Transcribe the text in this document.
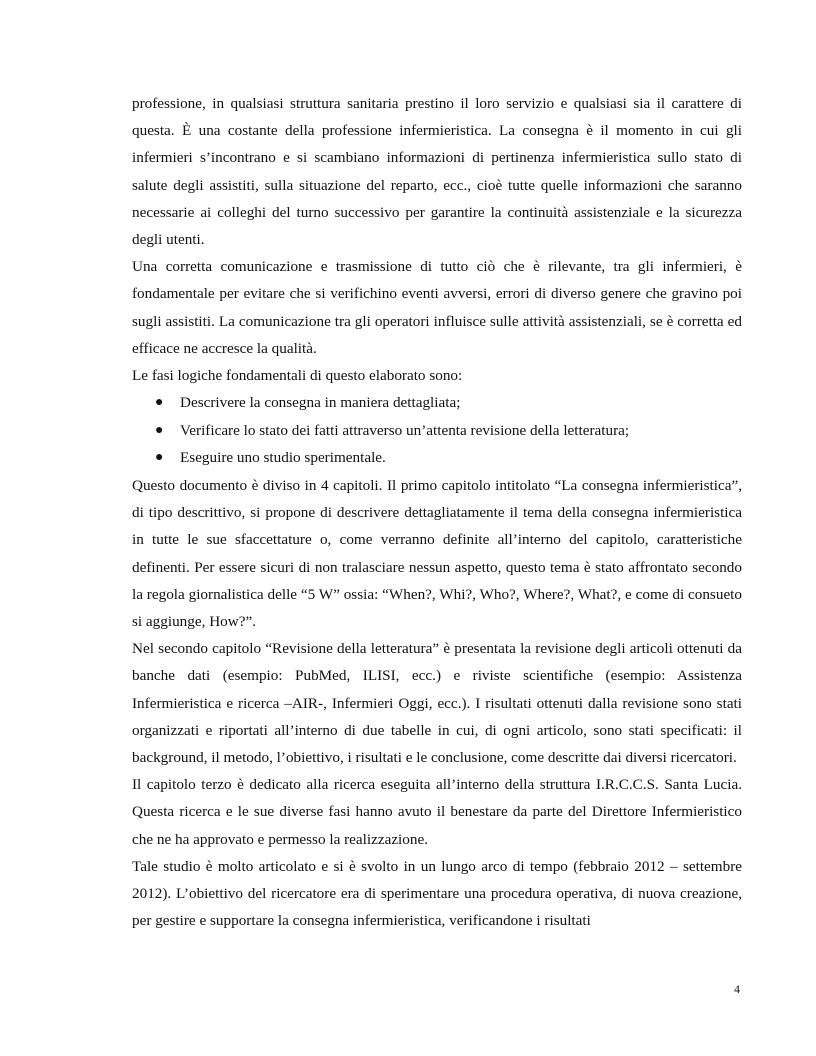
professione, in qualsiasi struttura sanitaria prestino il loro servizio e qualsiasi sia il carattere di questa. È una costante della professione infermieristica. La consegna è il momento in cui gli infermieri s’incontrano e si scambiano informazioni di pertinenza infermieristica sullo stato di salute degli assistiti, sulla situazione del reparto, ecc., cioè tutte quelle informazioni che saranno necessarie ai colleghi del turno successivo per garantire la continuità assistenziale e la sicurezza degli utenti.

Una corretta comunicazione e trasmissione di tutto ciò che è rilevante, tra gli infermieri, è fondamentale per evitare che si verifichino eventi avversi, errori di diverso genere che gravino poi sugli assistiti. La comunicazione tra gli operatori influisce sulle attività assistenziali, se è corretta ed efficace ne accresce la qualità.

Le fasi logiche fondamentali di questo elaborato sono:

● Descrivere la consegna in maniera dettagliata;
● Verificare lo stato dei fatti attraverso un’attenta revisione della letteratura;
● Eseguire uno studio sperimentale.

Questo documento è diviso in 4 capitoli. Il primo capitolo intitolato “La consegna infermieristica”, di tipo descrittivo, si propone di descrivere dettagliatamente il tema della consegna infermieristica in tutte le sue sfaccettature o, come verranno definite all’interno del capitolo, caratteristiche definenti. Per essere sicuri di non tralasciare nessun aspetto, questo tema è stato affrontato secondo la regola giornalistica delle “5 W” ossia: “When?, Whi?, Who?, Where?, What?, e come di consueto si aggiunge, How?”.

Nel secondo capitolo “Revisione della letteratura” è presentata la revisione degli articoli ottenuti da banche dati (esempio: PubMed, ILISI, ecc.) e riviste scientifiche (esempio: Assistenza Infermieristica e ricerca –AIR-, Infermieri Oggi, ecc.). I risultati ottenuti dalla revisione sono stati organizzati e riportati all’interno di due tabelle in cui, di ogni articolo, sono stati specificati: il background, il metodo, l’obiettivo, i risultati e le conclusione, come descritte dai diversi ricercatori.

Il capitolo terzo è dedicato alla ricerca eseguita all’interno della struttura I.R.C.C.S. Santa Lucia. Questa ricerca e le sue diverse fasi hanno avuto il benestare da parte del Direttore Infermieristico che ne ha approvato e permesso la realizzazione.

Tale studio è molto articolato e si è svolto in un lungo arco di tempo (febbraio 2012 – settembre 2012). L’obiettivo del ricercatore era di sperimentare una procedura operativa, di nuova creazione, per gestire e supportare la consegna infermieristica, verificandone i risultati

4
